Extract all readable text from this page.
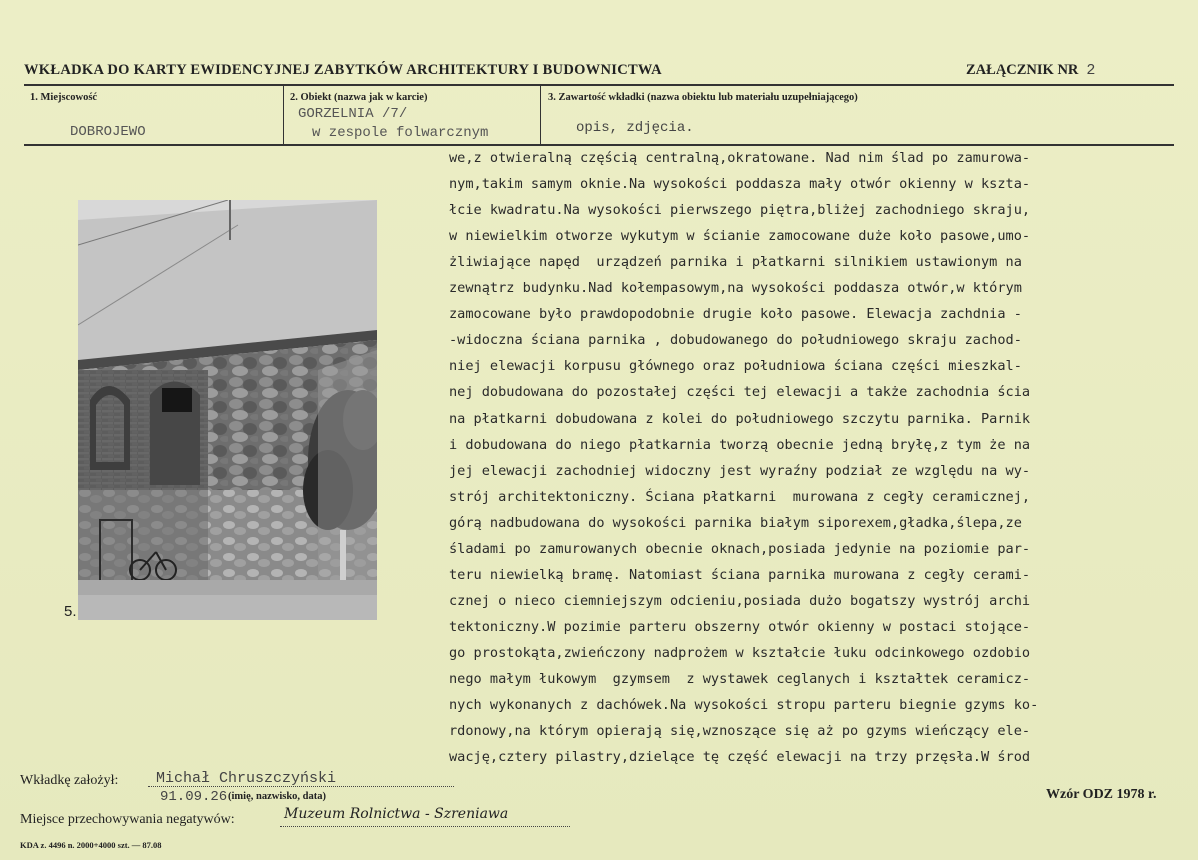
WKŁADKA DO KARTY EWIDENCYJNEJ ZABYTKÓW ARCHITEKTURY I BUDOWNICTWA	ZAŁĄCZNIK NR 2
1. Miejscowość
DOBROJEWO
2. Obiekt (nazwa jak w karcie)
GORZELNIA /7/
w zespole folwarcznym
3. Zawartość wkładki (nazwa obiektu lub materiału uzupełniającego)
opis, zdjęcia.
5.
we,z otwieralną częścią centralną,okratowane. Nad nim ślad po zamurowa-
nym,takim samym oknie.Na wysokości poddasza mały otwór okienny w kszta-
łcie kwadratu.Na wysokości pierwszego piętra,bliżej zachodniego skraju,
w niewielkim otworze wykutym w ścianie zamocowane duże koło pasowe,umo-
żliwiające napęd  urządzeń parnika i płatkarni silnikiem ustawionym na
zewnątrz budynku.Nad kołempasowym,na wysokości poddasza otwór,w którym
zamocowane było prawdopodobnie drugie koło pasowe. Elewacja zachdnia -
-widoczna ściana parnika , dobudowanego do południowego skraju zachod-
niej elewacji korpusu głównego oraz południowa ściana części mieszkal-
nej dobudowana do pozostałej części tej elewacji a także zachodnia ścia
na płatkarni dobudowana z kolei do południowego szczytu parnika. Parnik
i dobudowana do niego płatkarnia tworzą obecnie jedną bryłę,z tym że na
jej elewacji zachodniej widoczny jest wyraźny podział ze względu na wy-
strój architektoniczny. Ściana płatkarni  murowana z cegły ceramicznej,
górą nadbudowana do wysokości parnika białym siporexem,gładka,ślepa,ze
śladami po zamurowanych obecnie oknach,posiada jedynie na poziomie par-
teru niewielką bramę. Natomiast ściana parnika murowana z cegły cerami-
cznej o nieco ciemniejszym odcieniu,posiada dużo bogatszy wystrój archi
tektoniczny.W pozimie parteru obszerny otwór okienny w postaci stojące-
go prostokąta,zwieńczony nadprożem w kształcie łuku odcinkowego ozdobio
nego małym łukowym  gzymsem  z wystawek ceglanych i kształtek ceramicz-
nych wykonanych z dachówek.Na wysokości stropu parteru biegnie gzyms ko-
rdonowy,na którym opierają się,wznoszące się aż po gzyms wieńczący ele-
wację,cztery pilastry,dzielące tę część elewacji na trzy przęsła.W środ
Wkładkę założył:	Michał Chruszczyński
91.09.26 (imię, nazwisko, data)	Wzór ODZ 1978 r.
Miejsce przechowywania negatywów:	Muzeum Rolnictwa - Szreniawa
KDA z. 4496 n. 2000+4000 szt. — 87.08
